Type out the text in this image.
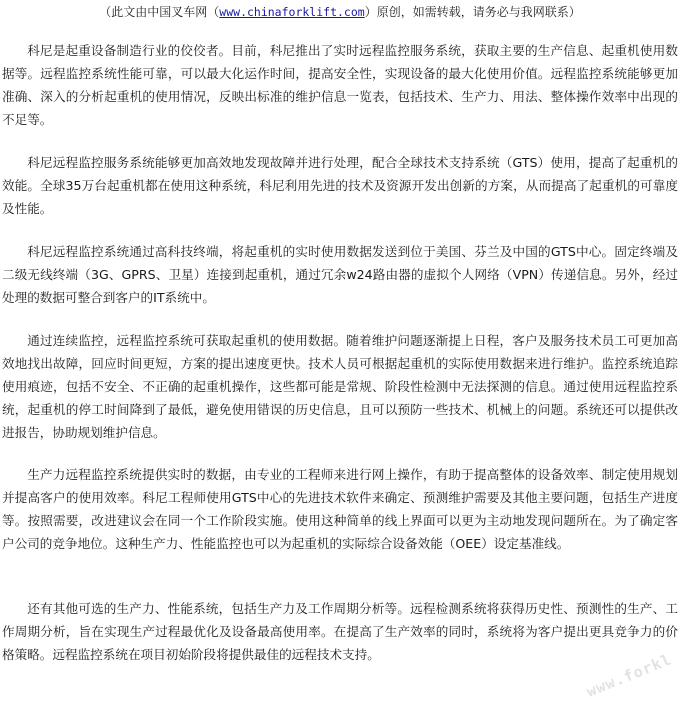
（此文由中国叉车网（www.chinaforklift.com）原创，如需转载，请务必与我网联系）

科尼是起重设备制造行业的佼佼者。目前，科尼推出了实时远程监控服务系统，获取主要的生产信息、起重机使用数据等。远程监控系统性能可靠，可以最大化运作时间，提高安全性，实现设备的最大化使用价值。远程监控系统能够更加准确、深入的分析起重机的使用情况，反映出标准的维护信息一览表，包括技术、生产力、用法、整体操作效率中出现的不足等。

科尼远程监控服务系统能够更加高效地发现故障并进行处理，配合全球技术支持系统（GTS）使用，提高了起重机的效能。全球35万台起重机都在使用这种系统，科尼利用先进的技术及资源开发出创新的方案，从而提高了起重机的可靠度及性能。

科尼远程监控系统通过高科技终端，将起重机的实时使用数据发送到位于美国、芬兰及中国的GTS中心。固定终端及二级无线终端（3G、GPRS、卫星）连接到起重机，通过冗余w24路由器的虚拟个人网络（VPN）传递信息。另外，经过处理的数据可整合到客户的IT系统中。

通过连续监控，远程监控系统可获取起重机的使用数据。随着维护问题逐渐提上日程，客户及服务技术员工可更加高效地找出故障，回应时间更短，方案的提出速度更快。技术人员可根据起重机的实际使用数据来进行维护。监控系统追踪使用痕迹，包括不安全、不正确的起重机操作，这些都可能是常规、阶段性检测中无法探测的信息。通过使用远程监控系统，起重机的停工时间降到了最低，避免使用错误的历史信息，且可以预防一些技术、机械上的问题。系统还可以提供改进报告，协助规划维护信息。

生产力远程监控系统提供实时的数据，由专业的工程师来进行网上操作，有助于提高整体的设备效率、制定使用规划并提高客户的使用效率。科尼工程师使用GTS中心的先进技术软件来确定、预测维护需要及其他主要问题，包括生产进度等。按照需要，改进建议会在同一个工作阶段实施。使用这种简单的线上界面可以更为主动地发现问题所在。为了确定客户公司的竞争地位。这种生产力、性能监控也可以为起重机的实际综合设备效能（OEE）设定基准线。

还有其他可选的生产力、性能系统，包括生产力及工作周期分析等。远程检测系统将获得历史性、预测性的生产、工作周期分析，旨在实现生产过程最优化及设备最高使用率。在提高了生产效率的同时，系统将为客户提出更具竞争力的价格策略。远程监控系统在项目初始阶段将提供最佳的远程技术支持。	www.forkl
